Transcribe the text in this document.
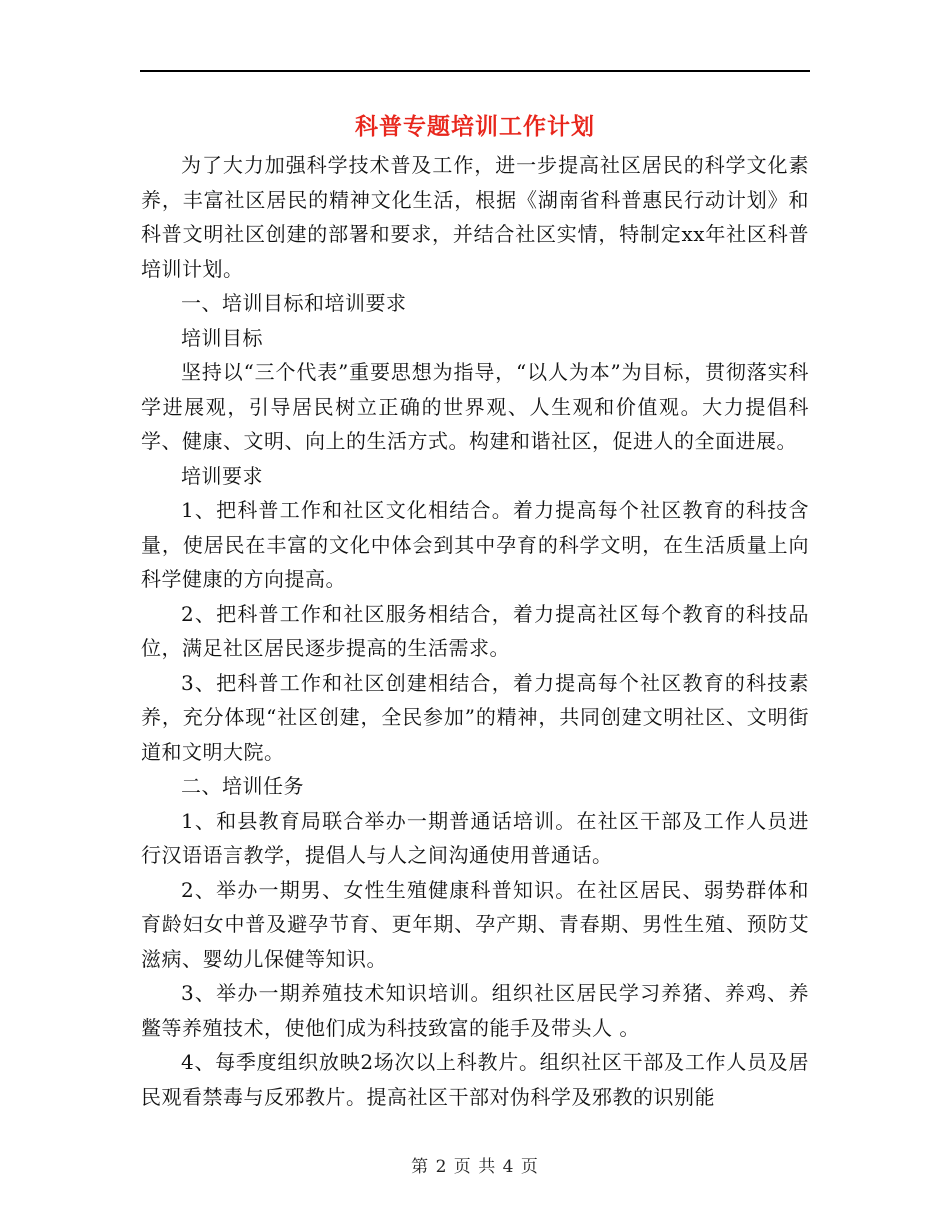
科普专题培训工作计划

为了大力加强科学技术普及工作，进一步提高社区居民的科学文化素养，丰富社区居民的精神文化生活，根据《湖南省科普惠民行动计划》和科普文明社区创建的部署和要求，并结合社区实情，特制定xx年社区科普培训计划。

一、培训目标和培训要求

培训目标

坚持以“三个代表”重要思想为指导，“以人为本”为目标，贯彻落实科学进展观，引导居民树立正确的世界观、人生观和价值观。大力提倡科学、健康、文明、向上的生活方式。构建和谐社区，促进人的全面进展。

培训要求

1、把科普工作和社区文化相结合。着力提高每个社区教育的科技含量，使居民在丰富的文化中体会到其中孕育的科学文明，在生活质量上向科学健康的方向提高。

2、把科普工作和社区服务相结合，着力提高社区每个教育的科技品位，满足社区居民逐步提高的生活需求。

3、把科普工作和社区创建相结合，着力提高每个社区教育的科技素养，充分体现“社区创建，全民参加”的精神，共同创建文明社区、文明街道和文明大院。

二、培训任务

1、和县教育局联合举办一期普通话培训。在社区干部及工作人员进行汉语语言教学，提倡人与人之间沟通使用普通话。

2、举办一期男、女性生殖健康科普知识。在社区居民、弱势群体和育龄妇女中普及避孕节育、更年期、孕产期、青春期、男性生殖、预防艾滋病、婴幼儿保健等知识。

3、举办一期养殖技术知识培训。组织社区居民学习养猪、养鸡、养鳖等养殖技术，使他们成为科技致富的能手及带头人 。

4、每季度组织放映2场次以上科教片。组织社区干部及工作人员及居民观看禁毒与反邪教片。提高社区干部对伪科学及邪教的识别能

第 2 页 共 4 页
